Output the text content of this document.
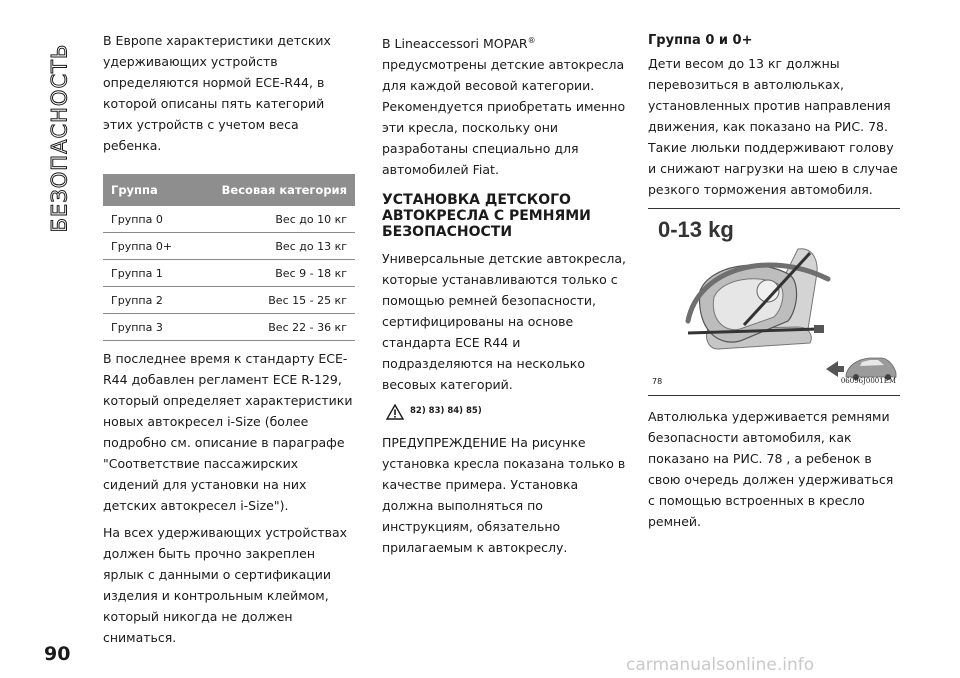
БЕЗОПАСНОСТЬ

В Европе характеристики детских удерживающих устройств определяются нормой ECE-R44, в которой описаны пять категорий этих устройств с учетом веса ребенка.

Группа	Весовая категория
Группа 0	Вес до 10 кг
Группа 0+	Вес до 13 кг
Группа 1	Вес 9 - 18 кг
Группа 2	Вес 15 - 25 кг
Группа 3	Вес 22 - 36 кг

В последнее время к стандарту ECE-R44 добавлен регламент ECE R-129, который определяет характеристики новых автокресел i-Size (более подробно см. описание в параграфе "Соответствие пассажирских сидений для установки на них детских автокресел i-Size").

На всех удерживающих устройствах должен быть прочно закреплен ярлык с данными о сертификации изделия и контрольным клеймом, который никогда не должен сниматься.

В Lineaccessori MOPAR® предусмотрены детские автокресла для каждой весовой категории. Рекомендуется приобретать именно эти кресла, поскольку они разработаны специально для автомобилей Fiat.

УСТАНОВКА ДЕТСКОГО АВТОКРЕСЛА С РЕМНЯМИ БЕЗОПАСНОСТИ

Универсальные детские автокресла, которые устанавливаются только с помощью ремней безопасности, сертифицированы на основе стандарта ECE R44 и подразделяются на несколько весовых категорий.

82) 83) 84) 85)

ПРЕДУПРЕЖДЕНИЕ На рисунке установка кресла показана только в качестве примера. Установка должна выполняться по инструкциям, обязательно прилагаемым к автокреслу.

Группа 0 и 0+

Дети весом до 13 кг должны перевозиться в автолюльках, установленных против направления движения, как показано на РИС. 78. Такие люльки поддерживают голову и снижают нагрузки на шею в случае резкого торможения автомобиля.

0-13 kg
78	06096J0001EM

Автолюлька удерживается ремнями безопасности автомобиля, как показано на РИС. 78 , а ребенок в свою очередь должен удерживаться с помощью встроенных в кресло ремней.

90	carmanualsonline.info
